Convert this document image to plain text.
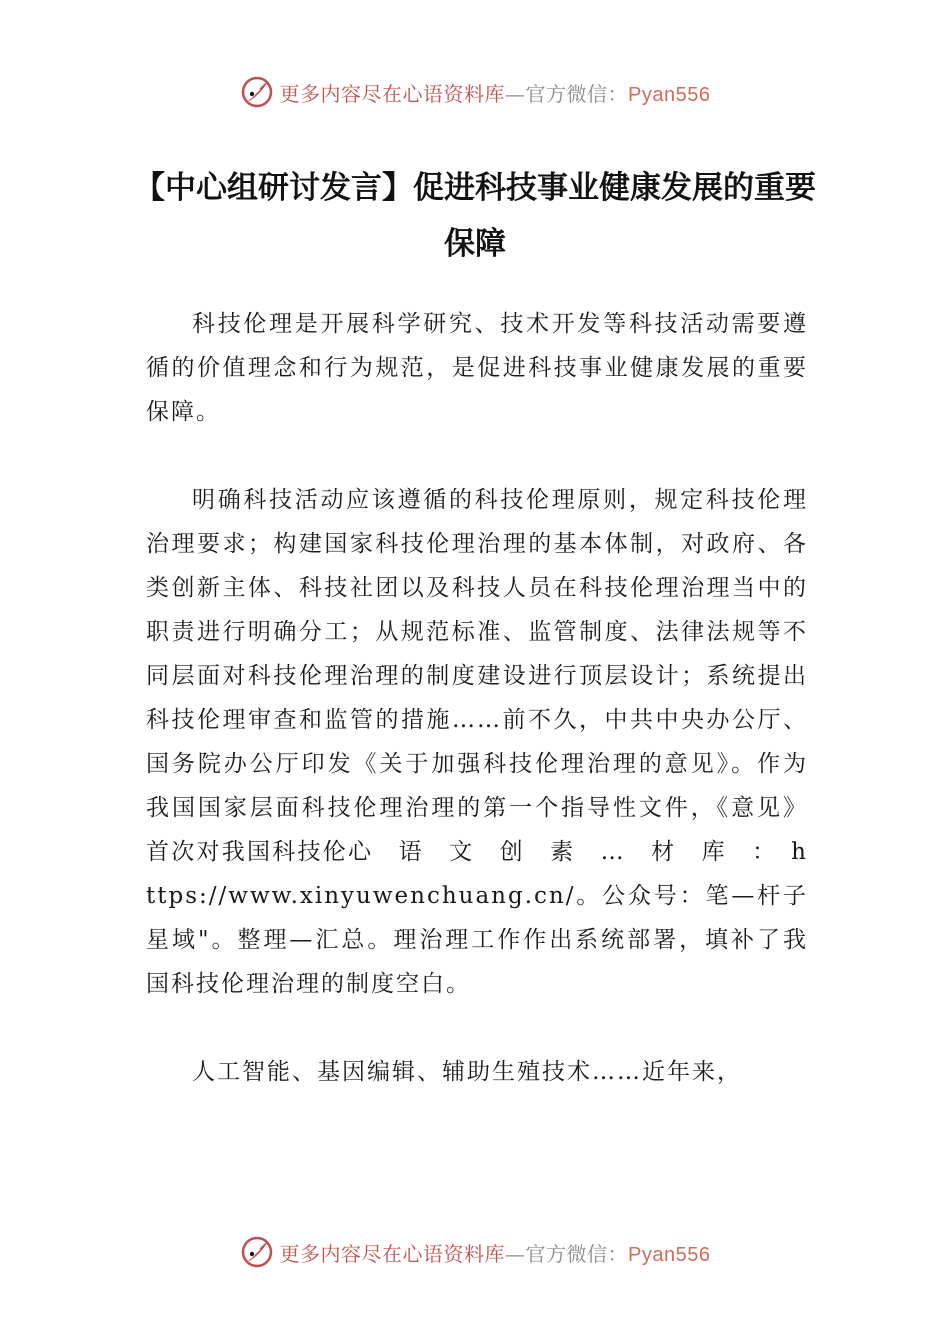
更多内容尽在心语资料库—官方微信：Pyan556
【中心组研讨发言】促进科技事业健康发展的重要保障

科技伦理是开展科学研究、技术开发等科技活动需要遵循的价值理念和行为规范，是促进科技事业健康发展的重要保障。

明确科技活动应该遵循的科技伦理原则，规定科技伦理治理要求；构建国家科技伦理治理的基本体制，对政府、各类创新主体、科技社团以及科技人员在科技伦理治理当中的职责进行明确分工；从规范标准、监管制度、法律法规等不同层面对科技伦理治理的制度建设进行顶层设计；系统提出科技伦理审查和监管的措施……前不久，中共中央办公厅、国务院办公厅印发《关于加强科技伦理治理的意见》。作为我国国家层面科技伦理治理的第一个指导性文件，《意见》首次对我国科技伦心　语　文　创　素　…　材　库　：　https://www.xinyuwenchuang.cn/。公众号：笔—杆子星域"。整理—汇总。理治理工作作出系统部署，填补了我国科技伦理治理的制度空白。

人工智能、基因编辑、辅助生殖技术……近年来，

更多内容尽在心语资料库—官方微信：Pyan556
